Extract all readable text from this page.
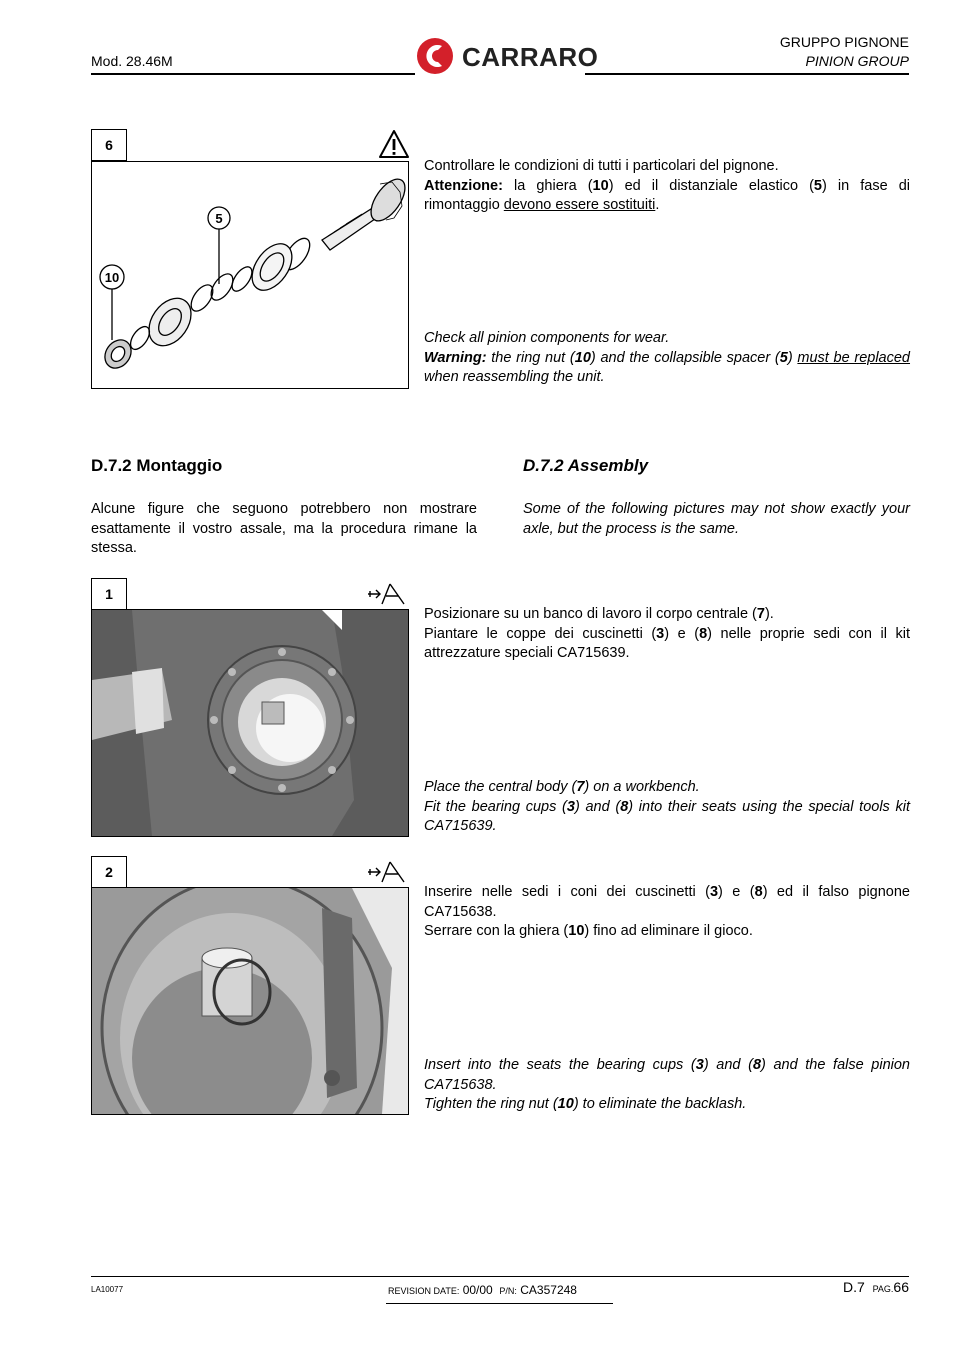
Mod. 28.46M	CARRARO	GRUPPO PIGNONE
PINION GROUP
6
5
10
Controllare le condizioni di tutti i particolari del pignone.
Attenzione: la ghiera (10) ed il distanziale elastico (5) in fase di rimontaggio devono essere sostituiti.
Check all pinion components for wear.
Warning: the ring nut (10) and the collapsible spacer (5) must be replaced when reassembling the unit.
D.7.2 Montaggio	D.7.2 Assembly
Alcune figure che seguono potrebbero non mostrare esattamente il vostro assale, ma la procedura rimane la stessa.
Some of the following pictures may not show exactly your axle, but the process is the same.
1
Posizionare su un banco di lavoro il corpo centrale (7).
Piantare le coppe dei cuscinetti (3) e (8) nelle proprie sedi con il kit attrezzature speciali CA715639.
Place the central body (7) on a workbench.
Fit the bearing cups (3) and (8) into their seats using the special tools kit CA715639.
2
Inserire nelle sedi i coni dei cuscinetti (3) e (8) ed il falso pignone CA715638.
Serrare con la ghiera (10) fino ad eliminare il gioco.
Insert into the seats the bearing cups (3) and (8) and the false pinion CA715638.
Tighten the ring nut (10) to eliminate the backlash.
LA10077	REVISION DATE: 00/00 P/N: CA357248	D.7 PAG.66
